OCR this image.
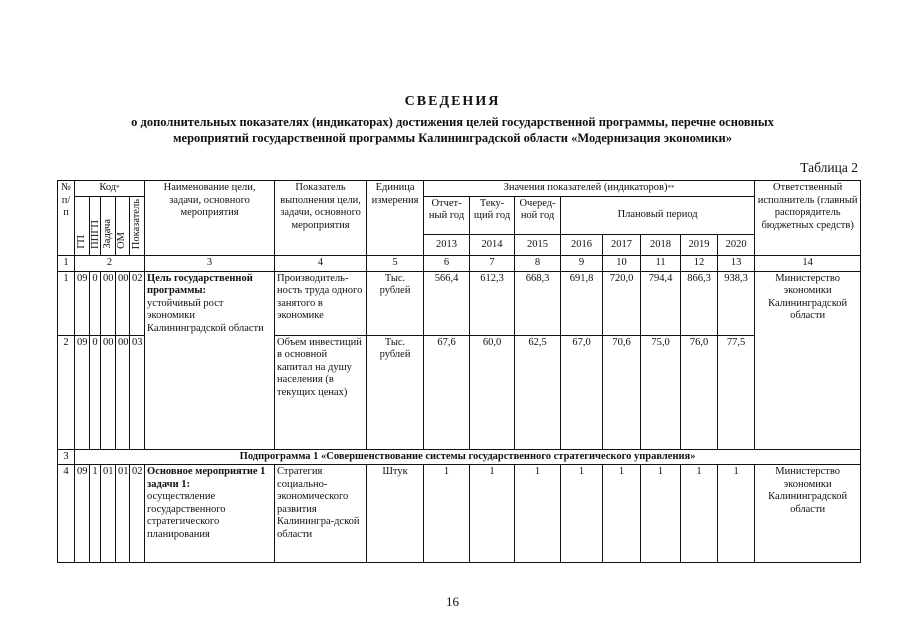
СВЕДЕНИЯ
о дополнительных показателях (индикаторах) достижения целей государственной программы, перечне основных
мероприятий государственной программы Калининградской области «Модернизация экономики»
Таблица 2
№ п/п	Код*					Наименование цели, задачи, основного мероприятия	Показатель выполнения цели, задачи, основного мероприятия	Единица измерения	Значения показателей (индикаторов)**								Ответственный исполнитель (главный распорядитель бюджетных средств)
	ГП	ППГП	Задача	ОМ	Показатель				Отчет-ный год	Теку-щий год	Очеред-ной год	Плановый период					
									2013	2014	2015	2016	2017	2018	2019	2020	
1	2					3	4	5	6	7	8	9	10	11	12	13	14
1	09	0	00	00	02	Цель государственной программы:
устойчивый рост экономики Калининградской области	Производитель-ность труда одного занятого в экономике	Тыс. рублей	566,4	612,3	668,3	691,8	720,0	794,4	866,3	938,3	Министерство экономики Калининградской области
2	09	0	00	00	03		Объем инвестиций в основной капитал на душу населения (в текущих ценах)	Тыс. рублей	67,6	60,0	62,5	67,0	70,6	75,0	76,0	77,5	
3	Подпрограмма 1 «Совершенствование системы государственного стратегического управления»																
4	09	1	01	01	02	Основное мероприятие 1 задачи 1:
осуществление государственного стратегического планирования	Стратегия социально-экономического развития Калинингра-дской области	Штук	1	1	1	1	1	1	1	1	Министерство экономики Калининградской области
16
